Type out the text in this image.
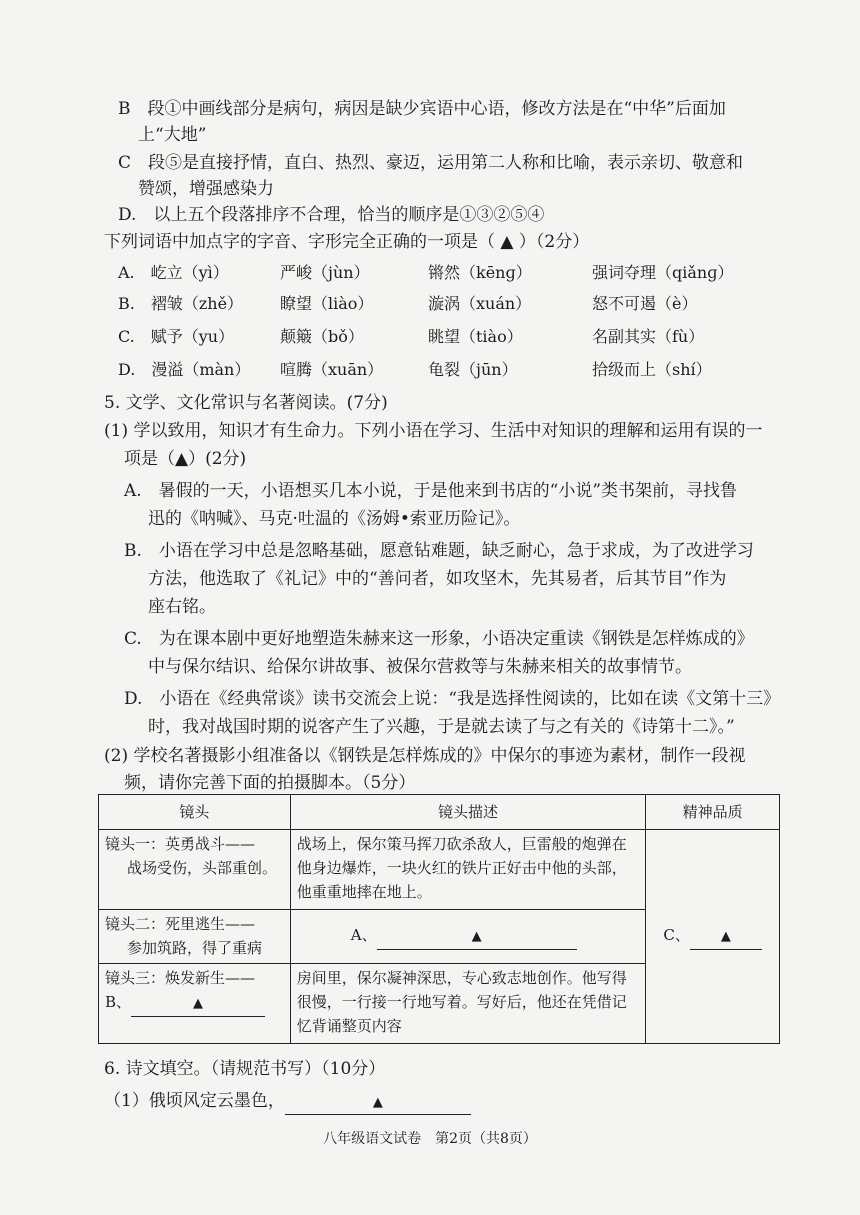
B　段①中画线部分是病句，病因是缺少宾语中心语，修改方法是在“中华”后面加
上“大地”
C　段⑤是直接抒情，直白、热烈、豪迈，运用第二人称和比喻，表示亲切、敬意和
赞颂，增强感染力
D.　以上五个段落排序不合理，恰当的顺序是①③②⑤④
下列词语中加点字的字音、字形完全正确的一项是（ ▲ ）（2分）
A.　屹立（yì）	严峻（jùn）	锵然（kēnɡ）	强词夺理（qiǎnɡ）
B.　褶皱（zhě） 瞭望（liào）	漩涡（xuán）	怒不可遏（è）
C.　赋予（yu）	颠簸（bǒ）	眺望（tiào）	名副其实（fù）
D.　漫溢（màn） 喧腾（xuān）	龟裂（jūn）	拾级而上（shí）
5. 文学、文化常识与名著阅读。(7分)
(1) 学以致用，知识才有生命力。下列小语在学习、生活中对知识的理解和运用有误的一
项是（▲）(2分)
A.　暑假的一天，小语想买几本小说，于是他来到书店的“小说”类书架前，寻找鲁
迅的《呐喊》、马克·吐温的《汤姆•索亚历险记》。
B.　小语在学习中总是忽略基础，愿意钻难题，缺乏耐心，急于求成，为了改进学习
方法，他选取了《礼记》中的“善问者，如攻坚木，先其易者，后其节目”作为
座右铭。
C.　为在课本剧中更好地塑造朱赫来这一形象，小语决定重读《钢铁是怎样炼成的》
中与保尔结识、给保尔讲故事、被保尔营救等与朱赫来相关的故事情节。
D.　小语在《经典常谈》读书交流会上说：“我是选择性阅读的，比如在读《文第十三》
时，我对战国时期的说客产生了兴趣，于是就去读了与之有关的《诗第十二》。”
(2) 学校名著摄影小组准备以《钢铁是怎样炼成的》中保尔的事迹为素材，制作一段视
频，请你完善下面的拍摄脚本。（5分）
镜头	镜头描述	精神品质

镜头一：英勇战斗——
战场受伤，头部重创。	战场上，保尔策马挥刀砍杀敌人，巨雷般的炮弹在他身边爆炸，一块火红的铁片正好击中他的头部，他重重地摔在地上。	C、 ▲

镜头二：死里逃生——
参加筑路，得了重病	A、 ▲	

镜头三：焕发新生——
B、 ▲	房间里，保尔凝神深思，专心致志地创作。他写得很慢，一行接一行地写着。写好后，他还在凭借记忆背诵整页内容	
6. 诗文填空。（请规范书写）（10分）
（1）俄顷风定云墨色，	▲
八年级语文试卷　第2页（共8页）
